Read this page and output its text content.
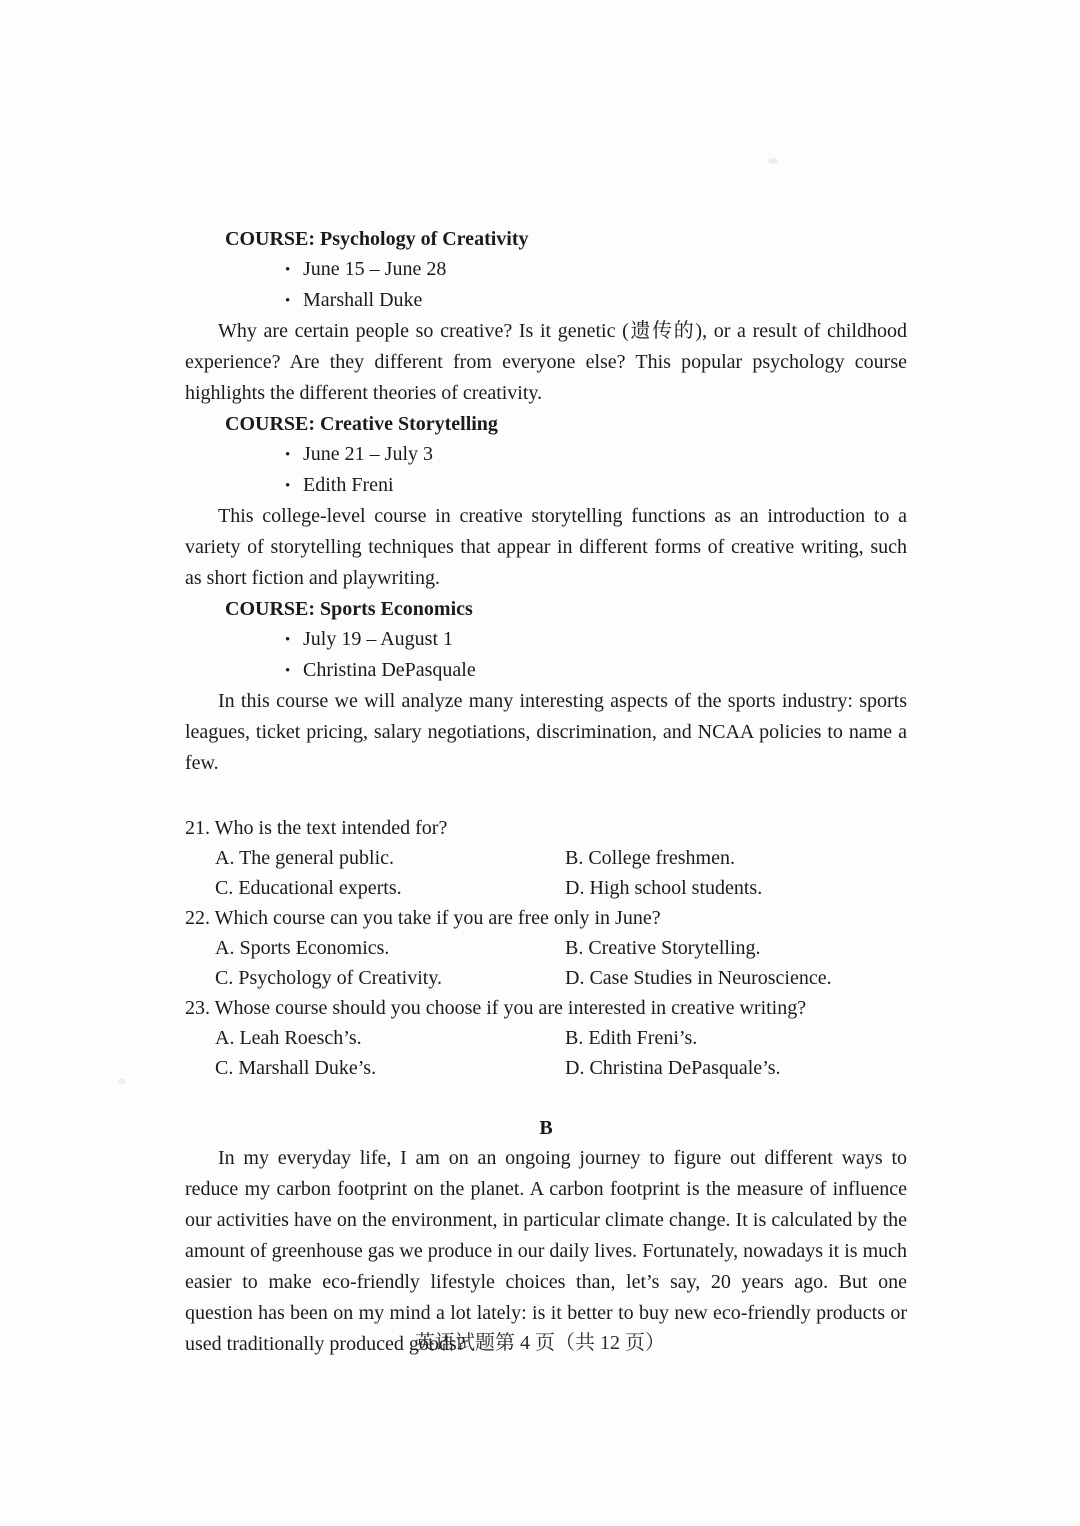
COURSE: Psychology of Creativity
• June 15 – June 28
• Marshall Duke

Why are certain people so creative? Is it genetic (遗传的), or a result of childhood experience? Are they different from everyone else? This popular psychology course highlights the different theories of creativity.

COURSE: Creative Storytelling
• June 21 – July 3
• Edith Freni

This college-level course in creative storytelling functions as an introduction to a variety of storytelling techniques that appear in different forms of creative writing, such as short fiction and playwriting.

COURSE: Sports Economics
• July 19 – August 1
• Christina DePasquale

In this course we will analyze many interesting aspects of the sports industry: sports leagues, ticket pricing, salary negotiations, discrimination, and NCAA policies to name a few.

21. Who is the text intended for?

A. The general public.	B. College freshmen.
C. Educational experts.	D. High school students.

22. Which course can you take if you are free only in June?

A. Sports Economics.	B. Creative Storytelling.
C. Psychology of Creativity.	D. Case Studies in Neuroscience.

23. Whose course should you choose if you are interested in creative writing?

A. Leah Roesch’s.	B. Edith Freni’s.
C. Marshall Duke’s.	D. Christina DePasquale’s.
B

In my everyday life, I am on an ongoing journey to figure out different ways to reduce my carbon footprint on the planet. A carbon footprint is the measure of influence our activities have on the environment, in particular climate change. It is calculated by the amount of greenhouse gas we produce in our daily lives. Fortunately, nowadays it is much easier to make eco-friendly lifestyle choices than, let’s say, 20 years ago. But one question has been on my mind a lot lately: is it better to buy new eco-friendly products or used traditionally produced goods?

英语试题第 4 页（共 12 页）
